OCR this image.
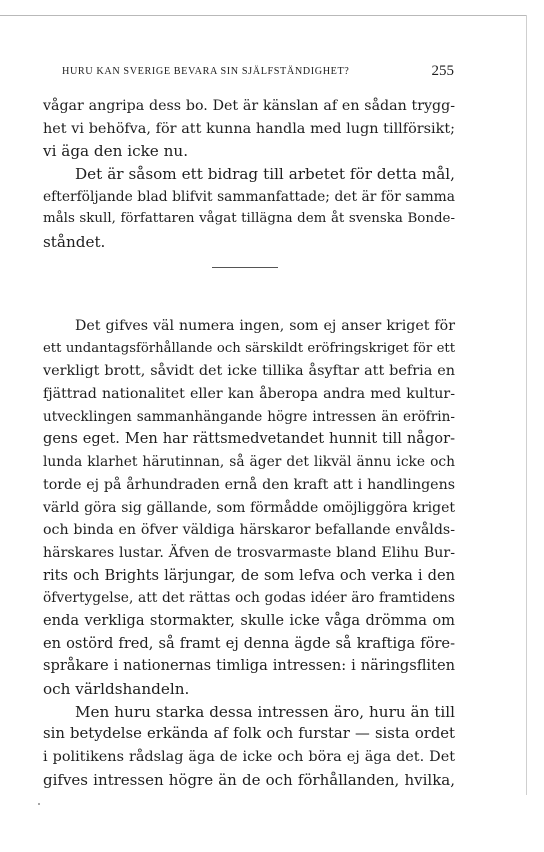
HURU KAN SVERIGE BEVARA SIN SJÄLFSTÄNDIGHET?	255
vågar angripa dess bo. Det är känslan af en sådan trygg-
het vi behöfva, för att kunna handla med lugn tillförsikt;
vi äga den icke nu.
Det är såsom ett bidrag till arbetet för detta mål,
efterföljande blad blifvit sammanfattade; det är för samma
måls skull, författaren vågat tillägna dem åt svenska Bonde-
ståndet.
Det gifves väl numera ingen, som ej anser kriget för
ett undantagsförhållande och särskildt eröfringskriget för ett
verkligt brott, såvidt det icke tillika åsyftar att befria en
fjättrad nationalitet eller kan åberopa andra med kultur-
utvecklingen sammanhängande högre intressen än eröfrin-
gens eget. Men har rättsmedvetandet hunnit till någor-
lunda klarhet härutinnan, så äger det likväl ännu icke och
torde ej på århundraden ernå den kraft att i handlingens
värld göra sig gällande, som förmådde omöjliggöra kriget
och binda en öfver väldiga härskaror befallande envålds-
härskares lustar. Äfven de trosvarmaste bland Elihu Bur-
rits och Brights lärjungar, de som lefva och verka i den
öfvertygelse, att det rättas och godas idéer äro framtidens
enda verkliga stormakter, skulle icke våga drömma om
en ostörd fred, så framt ej denna ägde så kraftiga före-
språkare i nationernas timliga intressen: i näringsfliten
och världshandeln.
Men huru starka dessa intressen äro, huru än till
sin betydelse erkända af folk och furstar — sista ordet
i politikens rådslag äga de icke och böra ej äga det. Det
gifves intressen högre än de och förhållanden, hvilka,
